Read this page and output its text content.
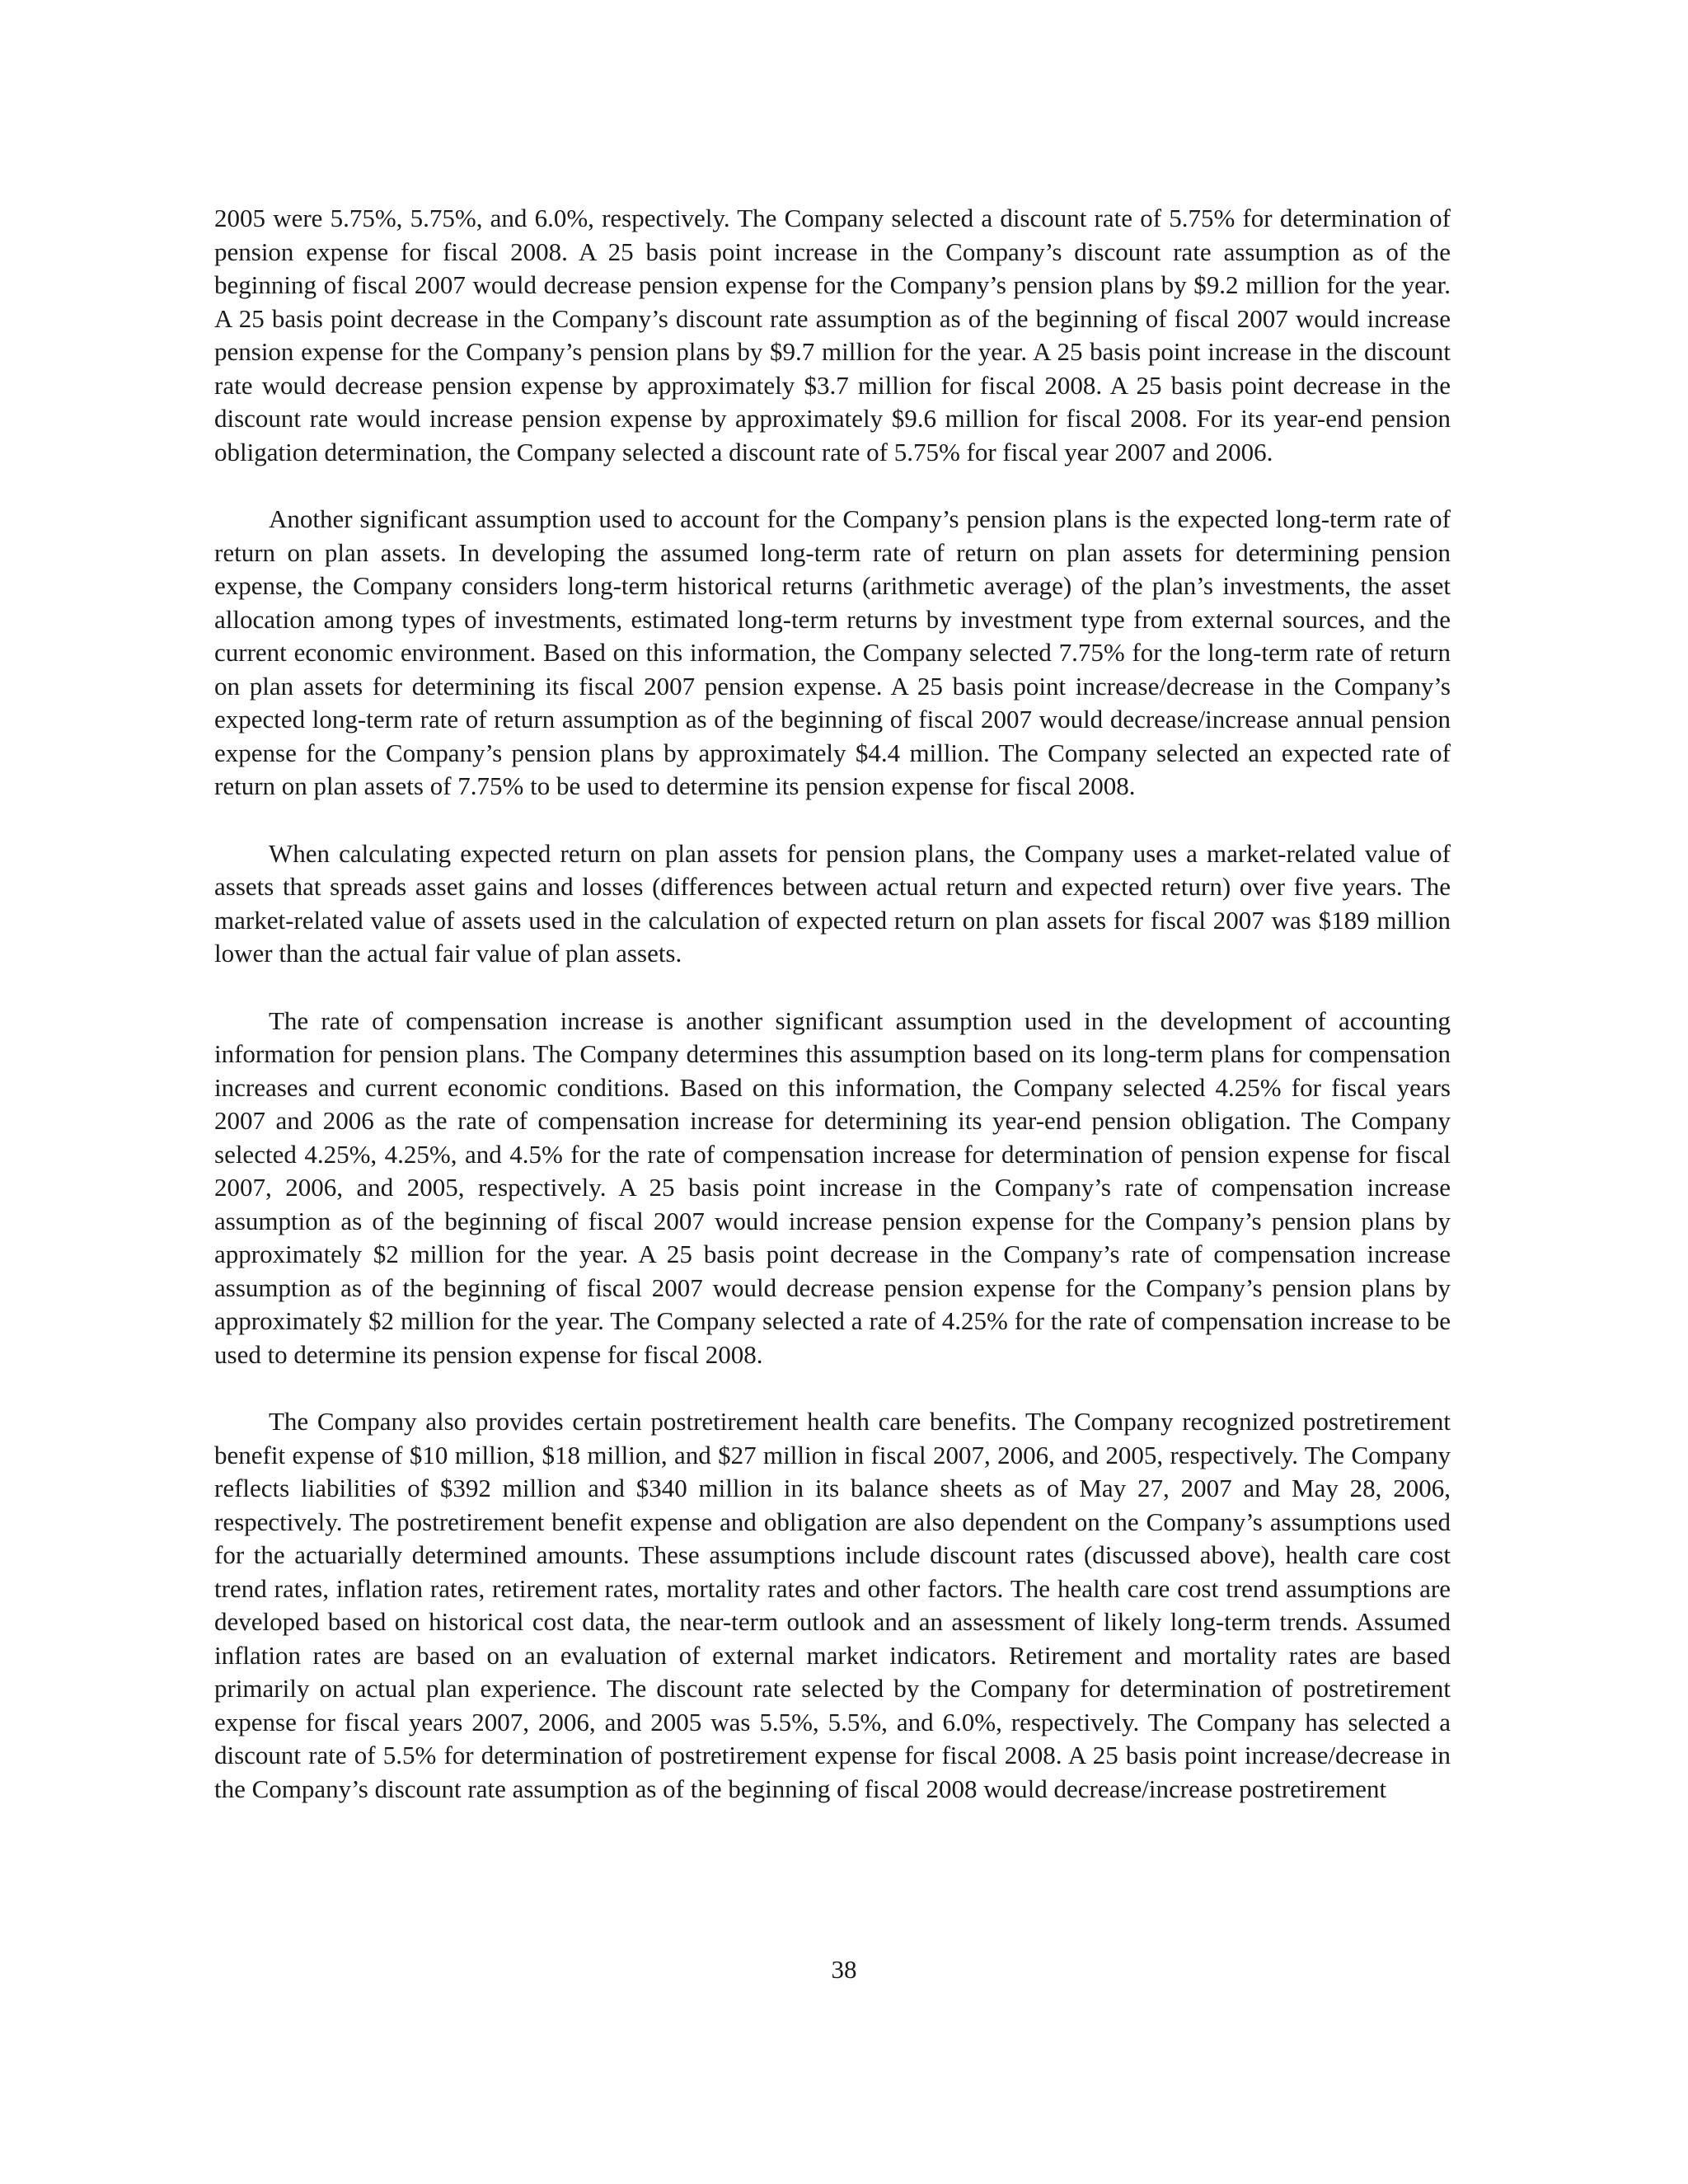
2005 were 5.75%, 5.75%, and 6.0%, respectively. The Company selected a discount rate of 5.75% for determination of pension expense for fiscal 2008. A 25 basis point increase in the Company’s discount rate assumption as of the beginning of fiscal 2007 would decrease pension expense for the Company’s pension plans by $9.2 million for the year. A 25 basis point decrease in the Company’s discount rate assumption as of the beginning of fiscal 2007 would increase pension expense for the Company’s pension plans by $9.7 million for the year. A 25 basis point increase in the discount rate would decrease pension expense by approximately $3.7 million for fiscal 2008. A 25 basis point decrease in the discount rate would increase pension expense by approximately $9.6 million for fiscal 2008. For its year-end pension obligation determination, the Company selected a discount rate of 5.75% for fiscal year 2007 and 2006.

Another significant assumption used to account for the Company’s pension plans is the expected long-term rate of return on plan assets. In developing the assumed long-term rate of return on plan assets for determining pension expense, the Company considers long-term historical returns (arithmetic average) of the plan’s investments, the asset allocation among types of investments, estimated long-term returns by investment type from external sources, and the current economic environment. Based on this information, the Company selected 7.75% for the long-term rate of return on plan assets for determining its fiscal 2007 pension expense. A 25 basis point increase/decrease in the Company’s expected long-term rate of return assumption as of the beginning of fiscal 2007 would decrease/increase annual pension expense for the Company’s pension plans by approximately $4.4 million. The Company selected an expected rate of return on plan assets of 7.75% to be used to determine its pension expense for fiscal 2008.

When calculating expected return on plan assets for pension plans, the Company uses a market-related value of assets that spreads asset gains and losses (differences between actual return and expected return) over five years. The market-related value of assets used in the calculation of expected return on plan assets for fiscal 2007 was $189 million lower than the actual fair value of plan assets.

The rate of compensation increase is another significant assumption used in the development of accounting information for pension plans. The Company determines this assumption based on its long-term plans for compensation increases and current economic conditions. Based on this information, the Company selected 4.25% for fiscal years 2007 and 2006 as the rate of compensation increase for determining its year-end pension obligation. The Company selected 4.25%, 4.25%, and 4.5% for the rate of compensation increase for determination of pension expense for fiscal 2007, 2006, and 2005, respectively. A 25 basis point increase in the Company’s rate of compensation increase assumption as of the beginning of fiscal 2007 would increase pension expense for the Company’s pension plans by approximately $2 million for the year. A 25 basis point decrease in the Company’s rate of compensation increase assumption as of the beginning of fiscal 2007 would decrease pension expense for the Company’s pension plans by approximately $2 million for the year. The Company selected a rate of 4.25% for the rate of compensation increase to be used to determine its pension expense for fiscal 2008.

The Company also provides certain postretirement health care benefits. The Company recognized postretirement benefit expense of $10 million, $18 million, and $27 million in fiscal 2007, 2006, and 2005, respectively. The Company reflects liabilities of $392 million and $340 million in its balance sheets as of May 27, 2007 and May 28, 2006, respectively. The postretirement benefit expense and obligation are also dependent on the Company’s assumptions used for the actuarially determined amounts. These assumptions include discount rates (discussed above), health care cost trend rates, inflation rates, retirement rates, mortality rates and other factors. The health care cost trend assumptions are developed based on historical cost data, the near-term outlook and an assessment of likely long-term trends. Assumed inflation rates are based on an evaluation of external market indicators. Retirement and mortality rates are based primarily on actual plan experience. The discount rate selected by the Company for determination of postretirement expense for fiscal years 2007, 2006, and 2005 was 5.5%, 5.5%, and 6.0%, respectively. The Company has selected a discount rate of 5.5% for determination of postretirement expense for fiscal 2008. A 25 basis point increase/decrease in the Company’s discount rate assumption as of the beginning of fiscal 2008 would decrease/increase postretirement

38
